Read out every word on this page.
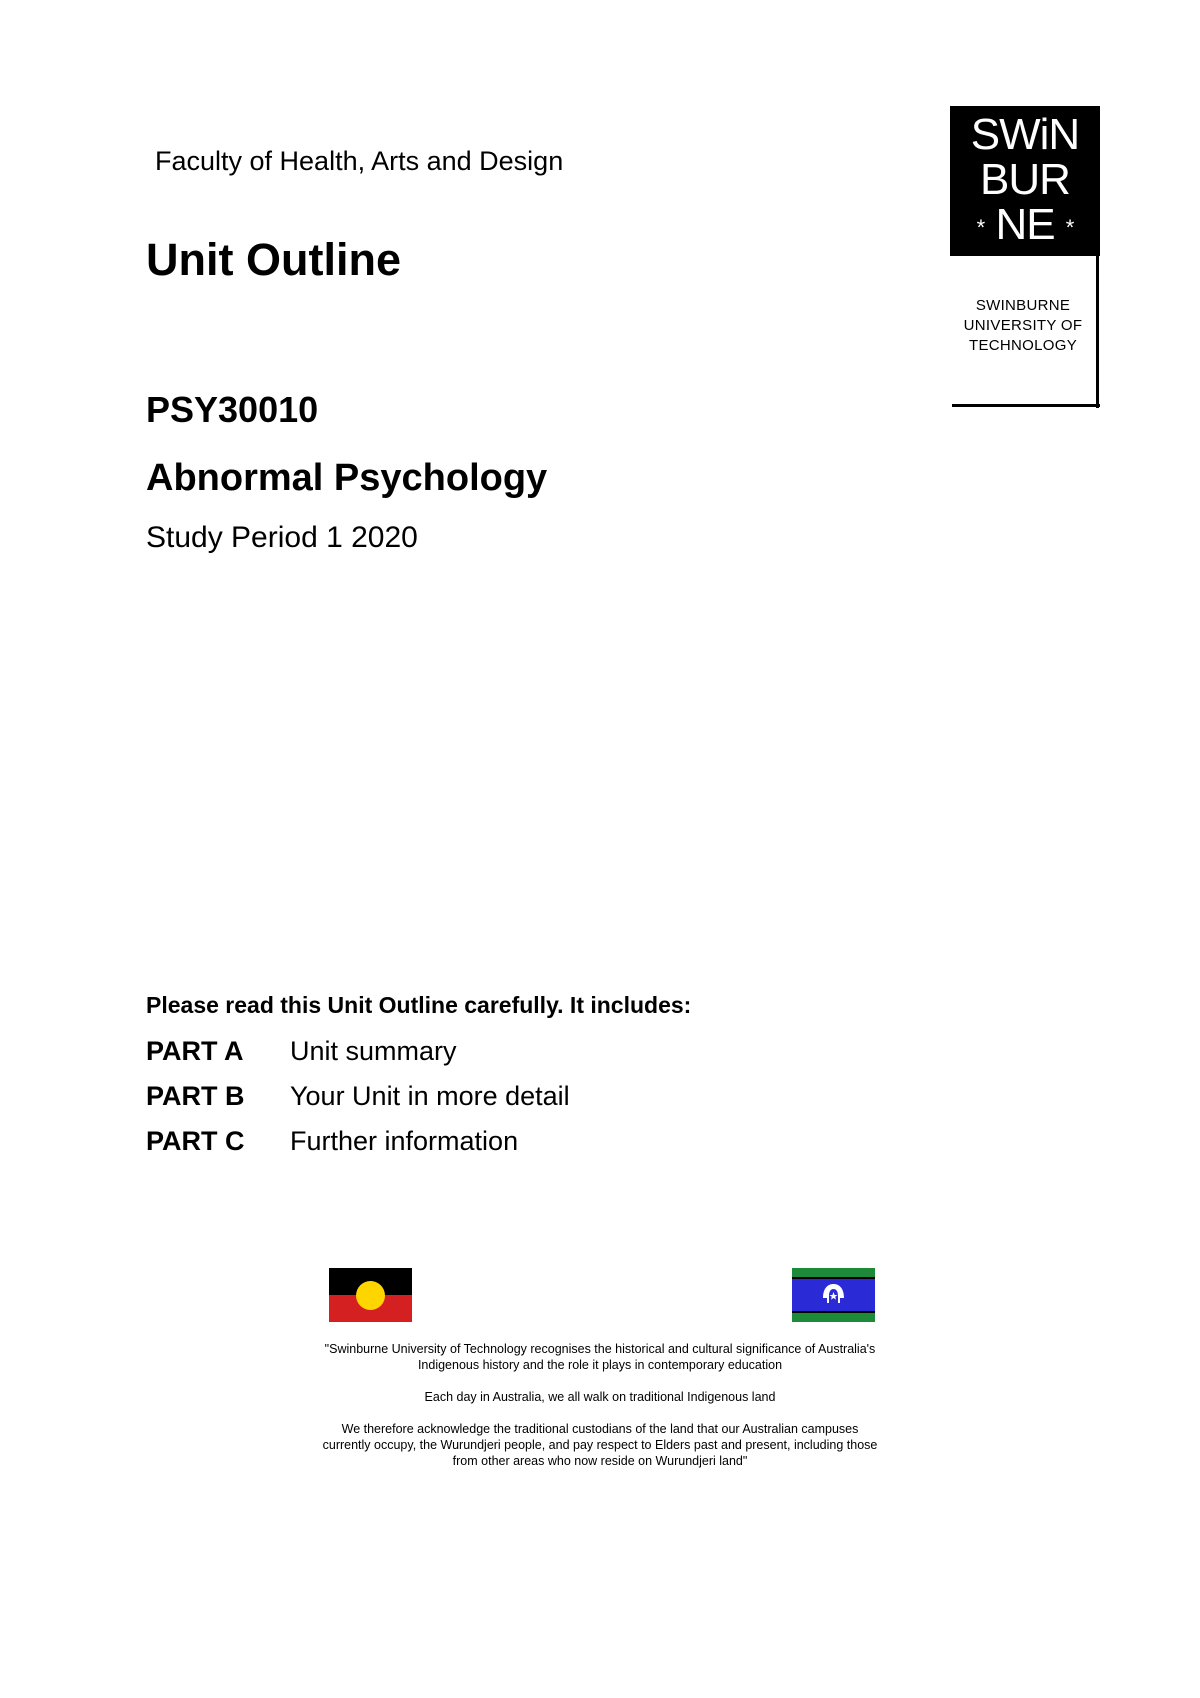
Faculty of Health, Arts and Design
Unit Outline
SWiN
BUR
* NE *
SWINBURNE
UNIVERSITY OF
TECHNOLOGY
PSY30010
Abnormal Psychology
Study Period 1 2020
Please read this Unit Outline carefully. It includes:
PART A Unit summary
PART B Your Unit in more detail
PART C Further information

"Swinburne University of Technology recognises the historical and cultural significance of Australia's Indigenous history and the role it plays in contemporary education

Each day in Australia, we all walk on traditional Indigenous land

We therefore acknowledge the traditional custodians of the land that our Australian campuses currently occupy, the Wurundjeri people, and pay respect to Elders past and present, including those from other areas who now reside on Wurundjeri land"
